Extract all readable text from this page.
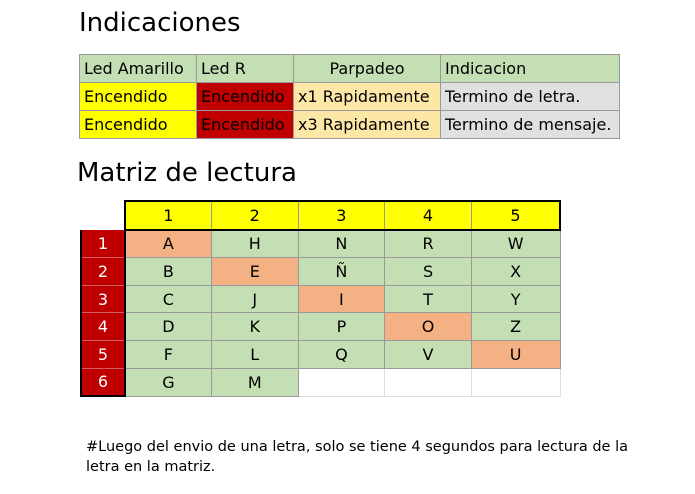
Indicaciones
Led Amarillo	Led R	Parpadeo	Indicacion
Encendido	Encendido	x1 Rapidamente	Termino de letra.
Encendido	Encendido	x3 Rapidamente	Termino de mensaje.
Matriz de lectura
	1	2	3	4	5
1	A	H	N	R	W
2	B	E	Ñ	S	X
3	C	J	I	T	Y
4	D	K	P	O	Z
5	F	L	Q	V	U
6	G	M			
#Luego del envio de una letra, solo se tiene 4 segundos para lectura de la letra en la matriz.
